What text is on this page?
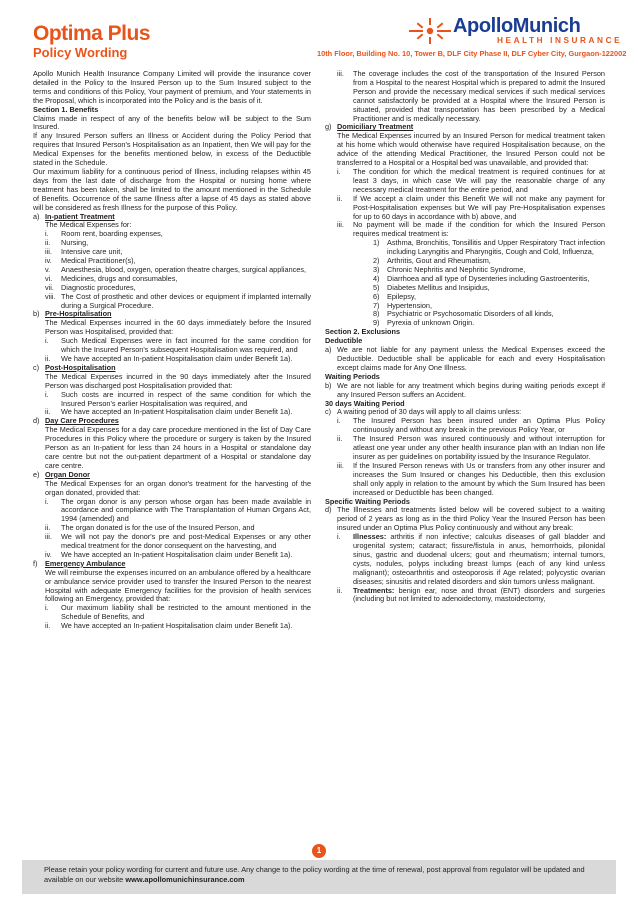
Optima Plus
Policy Wording	10th Floor, Building No. 10, Tower B, DLF City Phase II, DLF Cyber City, Gurgaon-122002
ApolloMunich
HEALTH INSURANCE
Apollo Munich Health Insurance Company Limited will provide the insurance cover detailed in the Policy to the Insured Person up to the Sum Insured subject to the terms and conditions of this Policy, Your payment of premium, and Your statements in the Proposal, which is incorporated into the Policy and is the basis of it.
Section 1. Benefits
Claims made in respect of any of the benefits below will be subject to the Sum Insured.
If any Insured Person suffers an Illness or Accident during the Policy Period that requires that Insured Person's Hospitalisation as an Inpatient, then We will pay for the Medical Expenses for the benefits mentioned below, in excess of the Deductible stated in the Schedule.
Our maximum liability for a continuous period of Illness, including relapses within 45 days from the last date of discharge from the Hospital or nursing home where treatment has been taken, shall be limited to the amount mentioned in the Schedule of Benefits. Occurrence of the same Illness after a lapse of 45 days as stated above will be considered as fresh Illness for the purpose of this Policy.
a) In-patient Treatment
The Medical Expenses for:
i.	Room rent, boarding expenses,
ii.	Nursing,
iii.	Intensive care unit,
iv.	Medical Practitioner(s),
v.	Anaesthesia, blood, oxygen, operation theatre charges, surgical appliances,
vi.	Medicines, drugs and consumables,
vii. Diagnostic procedures,
viii. The Cost of prosthetic and other devices or equipment if implanted internally during a Surgical Procedure.
b) Pre-Hospitalisation
The Medical Expenses incurred in the 60 days immediately before the Insured Person was Hospitalised, provided that:
i.	Such Medical Expenses were in fact incurred for the same condition for which the Insured Person's subsequent Hospitalisation was required, and
ii.	We have accepted an In-patient Hospitalisation claim under Benefit 1a).
c) Post-Hospitalisation
The Medical Expenses incurred in the 90 days immediately after the Insured Person was discharged post Hospitalisation provided that:
i.	Such costs are incurred in respect of the same condition for which the Insured Person's earlier Hospitalisation was required, and
ii.	We have accepted an In-patient Hospitalisation claim under Benefit 1a).
d) Day Care Procedures
The Medical Expenses for a day care procedure mentioned in the list of Day Care Procedures in this Policy where the procedure or surgery is taken by the Insured Person as an In-patient for less than 24 hours in a Hospital or standalone day care centre but not the out-patient department of a Hospital or standalone day care centre.
e) Organ Donor
The Medical Expenses for an organ donor's treatment for the harvesting of the organ donated, provided that:
i.	The organ donor is any person whose organ has been made available in accordance and compliance with The Transplantation of Human Organs Act, 1994 (amended) and
ii.	The organ donated is for the use of the Insured Person, and
iii.	We will not pay the donor's pre and post-Medical Expenses or any other medical treatment for the donor consequent on the harvesting, and
iv.	We have accepted an In-patient Hospitalisation claim under Benefit 1a).
f)	Emergency Ambulance
We will reimburse the expenses incurred on an ambulance offered by a healthcare or ambulance service provider used to transfer the Insured Person to the nearest Hospital with adequate Emergency facilities for the provision of health services following an Emergency, provided that:
i.	Our maximum liability shall be restricted to the amount mentioned in the Schedule of Benefits, and
ii.	We have accepted an In-patient Hospitalisation claim under Benefit 1a).
iii.	The coverage includes the cost of the transportation of the Insured Person from a Hospital to the nearest Hospital which is prepared to admit the Insured Person and provide the necessary medical services if such medical services cannot satisfactorily be provided at a Hospital where the Insured Person is situated, provided that transportation has been prescribed by a Medical Practitioner and is medically necessary.
g) Domiciliary Treatment
The Medical Expenses incurred by an Insured Person for medical treatment taken at his home which would otherwise have required Hospitalisation because, on the advice of the attending Medical Practitioner, the Insured Person could not be transferred to a Hospital or a Hospital bed was unavailable, and provided that:
i.	The condition for which the medical treatment is required continues for at least 3 days, in which case We will pay the reasonable charge of any necessary medical treatment for the entire period, and
ii.	If We accept a claim under this Benefit We will not make any payment for Post-Hospitalisation expenses but We will pay Pre-Hospitalisation expenses for up to 60 days in accordance with b) above, and
iii.	No payment will be made if the condition for which the Insured Person requires medical treatment is:
1)	Asthma, Bronchitis, Tonsillitis and Upper Respiratory Tract infection including Laryngitis and Pharyngitis, Cough and Cold, Influenza,
2)	Arthritis, Gout and Rheumatism,
3)	Chronic Nephritis and Nephritic Syndrome,
4)	Diarrhoea and all type of Dysenteries including Gastroenteritis,
5)	Diabetes Mellitus and Insipidus,
6)	Epilepsy,
7)	Hypertension,
8)	Psychiatric or Psychosomatic Disorders of all kinds,
9)	Pyrexia of unknown Origin.
Section 2. Exclusions
Deductible
a) We are not liable for any payment unless the Medical Expenses exceed the Deductible. Deductible shall be applicable for each and every Hospitalisation except claims made for Any One Illness.
Waiting Periods
b) We are not liable for any treatment which begins during waiting periods except if any Insured Person suffers an Accident.
30 days Waiting Period
c) A waiting period of 30 days will apply to all claims unless:
i.	The Insured Person has been insured under an Optima Plus Policy continuously and without any break in the previous Policy Year, or
ii.	The Insured Person was insured continuously and without interruption for atleast one year under any other health insurance plan with an Indian non life insurer as per guidelines on portability issued by the Insurance Regulator.
iii.	If the Insured Person renews with Us or transfers from any other insurer and increases the Sum Insured or changes his Deductible, then this exclusion shall only apply in relation to the amount by which the Sum Insured has been increased or Deductible has been changed.
Specific Waiting Periods
d) The Illnesses and treatments listed below will be covered subject to a waiting period of 2 years as long as in the third Policy Year the Insured Person has been insured under an Optima Plus Policy continuously and without any break:
i.	Illnesses: arthritis if non infective; calculus diseases of gall bladder and urogenital system; cataract; fissure/fistula in anus, hemorrhoids, pilonidal sinus, gastric and duodenal ulcers; gout and rheumatism; internal tumors, cysts, nodules, polyps including breast lumps (each of any kind unless malignant); osteoarthritis and osteoporosis if Age related; polycystic ovarian diseases; sinusitis and related disorders and skin tumors unless malignant.
ii.	Treatments: benign ear, nose and throat (ENT) disorders and surgeries (including but not limited to adenoidectomy, mastoidectomy,
1
Please retain your policy wording for current and future use. Any change to the policy wording at the time of renewal, post approval from regulator will be updated and available on our website www.apollomunichinsurance.com
